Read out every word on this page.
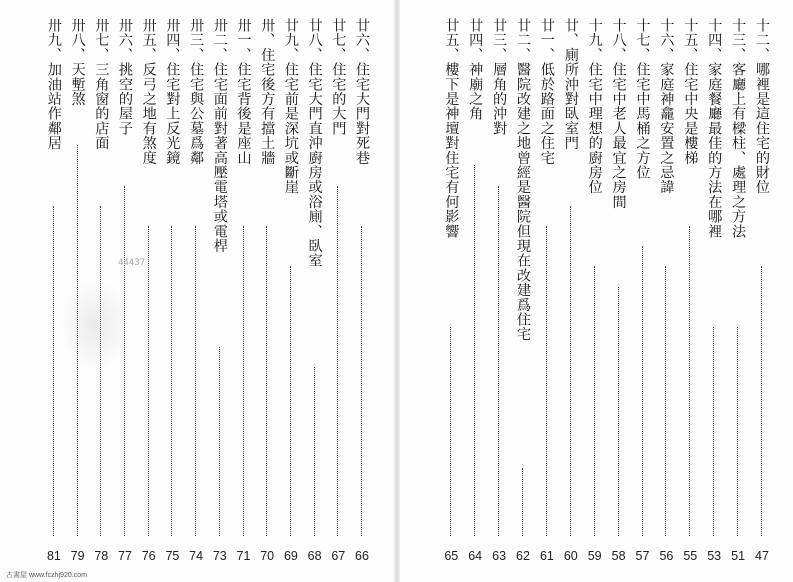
廿六、住宅大門對死巷
66
廿七、住宅的大門
67
廿八、住宅大門直沖廚房或浴廁、臥室
68
廿九、住宅前是深坑或斷崖
69
卅、住宅後方有擋土牆
70
卅一、住宅背後是座山
71
卅二、住宅面前對著高壓電塔或電桿
73
卅三、住宅與公墓爲鄰
74
卅四、住宅對上反光鏡
75
卅五、反弓之地有煞度
76
卅六、挑空的屋子
77
卅七、三角窗的店面
78
卅八、天塹煞
79
卅九、加油站作鄰居
81
十二、哪裡是這住宅的財位
47
十三、客廳上有樑柱、處理之方法
51
十四、家庭餐廳最佳的方法在哪裡
53
十五、住宅中央是樓梯
55
十六、家庭神龕安置之忌諱
56
十七、住宅中馬桶之方位
57
十八、住宅中老人最宜之房間
58
十九、住宅中理想的廚房位
59
廿、廁所沖對臥室門
60
廿一、低於路面之住宅
61
廿二、醫院改建之地曾經是醫院但現在改建爲住宅
62
廿三、層角的沖對
63
廿四、神廟之角
64
廿五、樓下是神壇對住宅有何影響
65
44437
古書屋 www.fczhj920.com
